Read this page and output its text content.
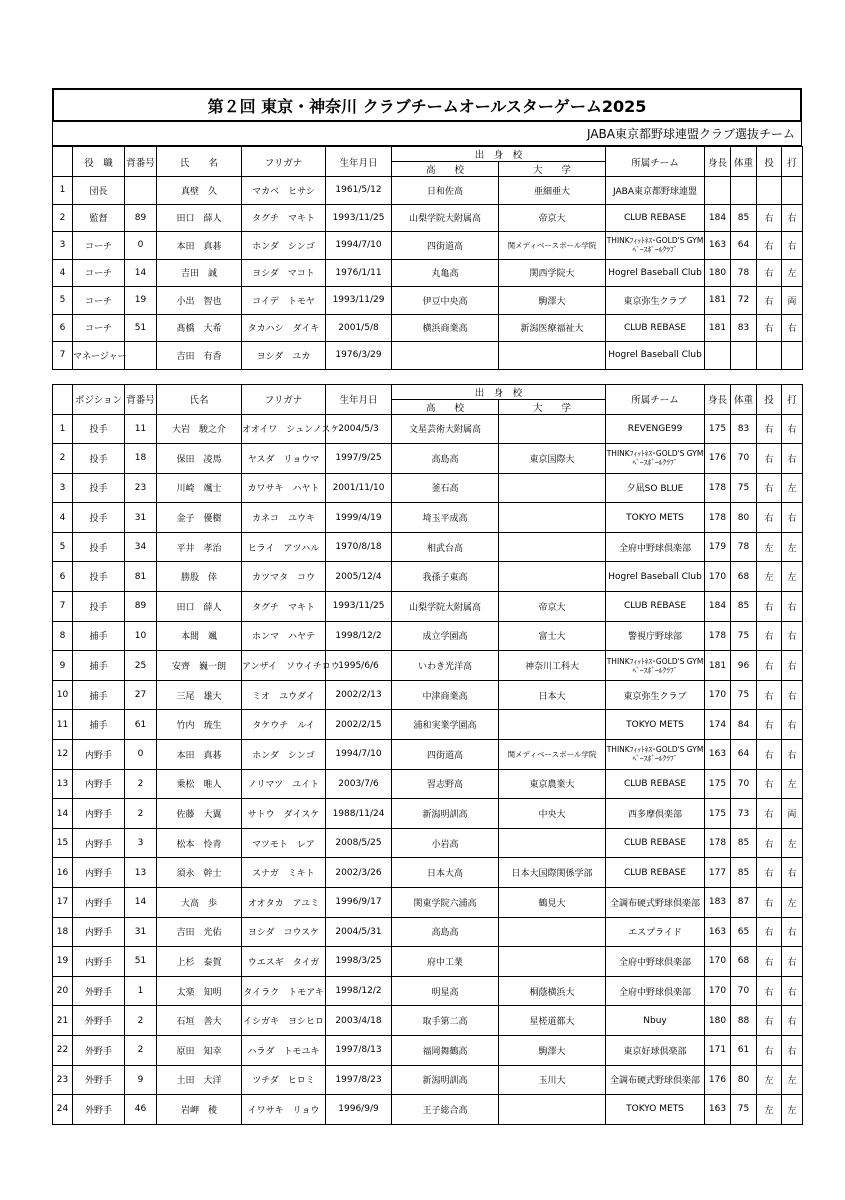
第２回 東京・神奈川 クラブチームオールスターゲーム2025
JABA東京都野球連盟クラブ選抜チーム
	役　職	背番号	氏　　名	フリガナ	生年月日	出　身　校		所属チーム	身長	体重	投	打
						高　　校	大　　学					
1	団長		真壁　久	マカベ　ヒサシ	1961/5/12	日和佐高	亜細亜大	JABA東京都野球連盟				
2	監督	89	田口　薛人	タグチ　マキト	1993/11/25	山梨学院大附属高	帝京大	CLUB REBASE	184	85	右	右
3	コーチ	0	本田　真碁	ホンダ　シンゴ	1994/7/10	四街道高	関メディベースボール学院	THINKﾌｨｯﾄﾈｽ･GOLD'S GYMﾍﾞｰｽﾎﾞｰﾙｸﾗﾌﾞ	163	64	右	右
4	コーチ	14	吉田　誠	ヨシダ　マコト	1976/1/11	丸亀高	関西学院大	Hogrel Baseball Club	180	78	右	左
5	コーチ	19	小出　智也	コイデ　トモヤ	1993/11/29	伊豆中央高	駒澤大	東京弥生クラブ	181	72	右	両
6	コーチ	51	髙橋　大希	タカハシ　ダイキ	2001/5/8	横浜商業高	新潟医療福祉大	CLUB REBASE	181	83	右	右
7	マネージャー		吉田　有香	ヨシダ　ユカ	1976/3/29			Hogrel Baseball Club				
	ポジション	背番号	氏名	フリガナ	生年月日	出　身　校		所属チーム	身長	体重	投	打
						高　　校	大　　学					
1	投手	11	大岩　駿之介	オオイワ　シュンノスケ	2004/5/3	文星芸術大附属高		REVENGE99	175	83	右	右
2	投手	18	保田　凌馬	ヤスダ　リョウマ	1997/9/25	高島高	東京国際大	THINKﾌｨｯﾄﾈｽ･GOLD'S GYMﾍﾞｰｽﾎﾞｰﾙｸﾗﾌﾞ	176	70	右	右
3	投手	23	川崎　颯士	カワサキ　ハヤト	2001/11/10	釜石高		夕凪SO BLUE	178	75	右	左
4	投手	31	金子　優樹	カネコ　ユウキ	1999/4/19	埼玉平成高		TOKYO METS	178	80	右	右
5	投手	34	平井　孝治	ヒライ　アツハル	1970/8/18	相武台高		全府中野球倶楽部	179	78	左	左
6	投手	81	勝股　倖	カツマタ　コウ	2005/12/4	我孫子東高		Hogrel Baseball Club	170	68	左	左
7	投手	89	田口　薛人	タグチ　マキト	1993/11/25	山梨学院大附属高	帝京大	CLUB REBASE	184	85	右	右
8	捕手	10	本間　颯	ホンマ　ハヤテ	1998/12/2	成立学園高	富士大	警視庁野球部	178	75	右	右
9	捕手	25	安齊　巍一朗	アンザイ　ソウイチロウ	1995/6/6	いわき光洋高	神奈川工科大	THINKﾌｨｯﾄﾈｽ･GOLD'S GYMﾍﾞｰｽﾎﾞｰﾙｸﾗﾌﾞ	181	96	右	右
10	捕手	27	三尾　雄大	ミオ　ユウダイ	2002/2/13	中津商業高	日本大	東京弥生クラブ	170	75	右	右
11	捕手	61	竹内　琉生	タケウチ　ルイ	2002/2/15	浦和実業学園高		TOKYO METS	174	84	右	右
12	内野手	0	本田　真碁	ホンダ　シンゴ	1994/7/10	四街道高	関メディベースボール学院	THINKﾌｨｯﾄﾈｽ･GOLD'S GYMﾍﾞｰｽﾎﾞｰﾙｸﾗﾌﾞ	163	64	右	右
13	内野手	2	乗松　唯人	ノリマツ　ユイト	2003/7/6	習志野高	東京農業大	CLUB REBASE	175	70	右	左
14	内野手	2	佐藤　大翼	サトウ　ダイスケ	1988/11/24	新潟明訓高	中央大	西多摩倶楽部	175	73	右	両
15	内野手	3	松本　怜青	マツモト　レア	2008/5/25	小岩高		CLUB REBASE	178	85	右	左
16	内野手	13	須永　幹士	スナガ　ミキト	2002/3/26	日本大高	日本大国際関係学部	CLUB REBASE	177	85	右	右
17	内野手	14	大高　歩	オオタカ　アユミ	1996/9/17	関東学院六浦高	鶴見大	全調布硬式野球倶楽部	183	87	右	左
18	内野手	31	吉田　光佑	ヨシダ　コウスケ	2004/5/31	高島高		エスプライド	163	65	右	右
19	内野手	51	上杉　泰賀	ウエスギ　タイガ	1998/3/25	府中工業		全府中野球倶楽部	170	68	右	右
20	外野手	1	太楽　知明	タイラク　トモアキ	1998/12/2	明星高	桐蔭横浜大	全府中野球倶楽部	170	70	右	右
21	外野手	2	石垣　善大	イシガキ　ヨシヒロ	2003/4/18	取手第二高	星槎道都大	Nbuy	180	88	右	右
22	外野手	2	原田　知幸	ハラダ　トモユキ	1997/8/13	福岡舞鶴高	駒澤大	東京好球倶楽部	171	61	右	右
23	外野手	9	土田　大洋	ツチダ　ヒロミ	1997/8/23	新潟明訓高	玉川大	全調布硬式野球倶楽部	176	80	左	左
24	外野手	46	岩岬　稜	イワサキ　リョウ	1996/9/9	王子総合高		TOKYO METS	163	75	左	左
